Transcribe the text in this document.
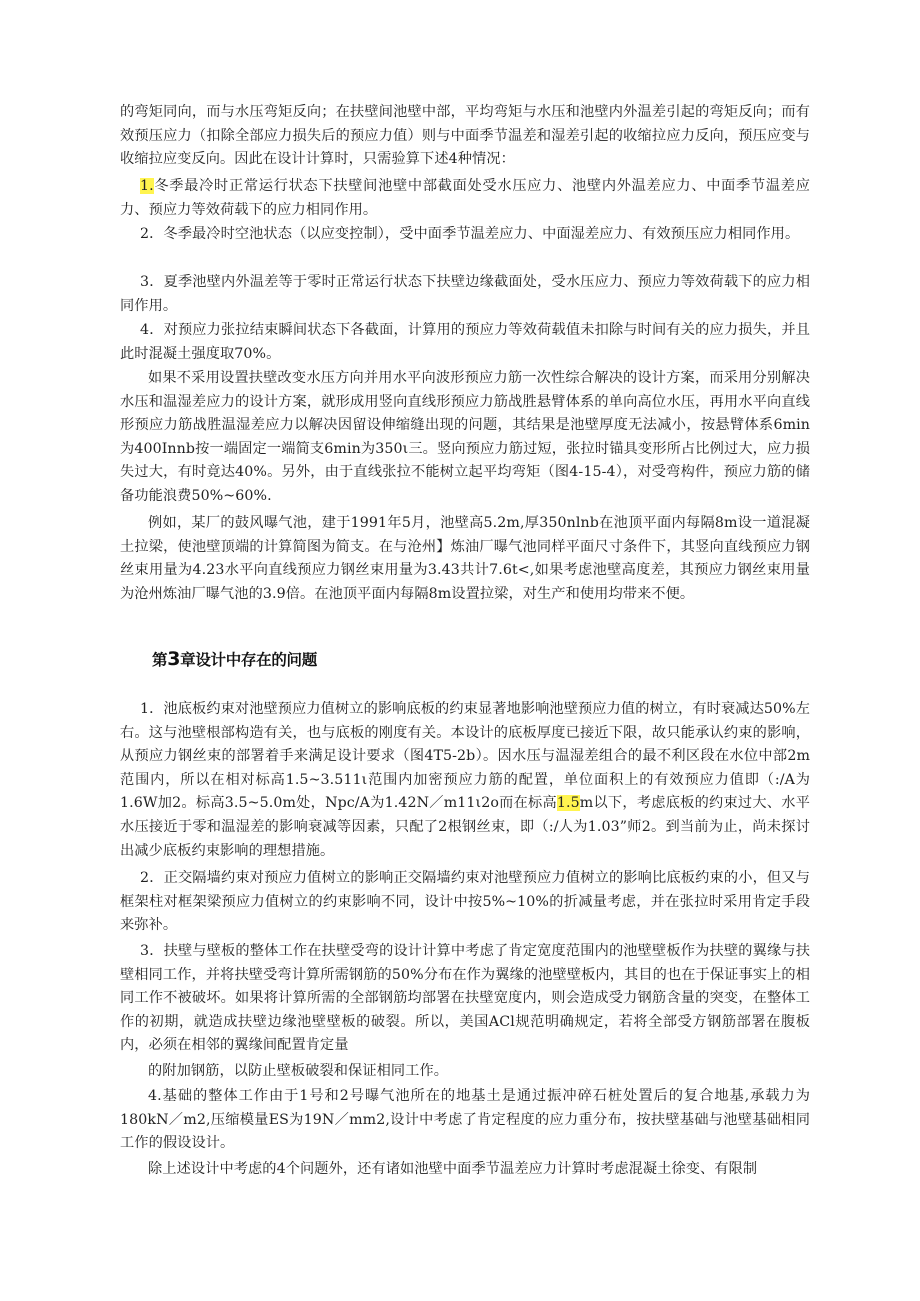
的弯矩同向，而与水压弯矩反向；在扶壁间池壁中部，平均弯矩与水压和池壁内外温差引起的弯矩反向；而有效预压应力（扣除全部应力损失后的预应力值）则与中面季节温差和湿差引起的收缩拉应力反向，预压应变与收缩拉应变反向。因此在设计计算时，只需验算下述4种情况：

1.冬季最冷时正常运行状态下扶壁间池壁中部截面处受水压应力、池壁内外温差应力、中面季节温差应力、预应力等效荷载下的应力相同作用。

2．冬季最冷时空池状态（以应变控制），受中面季节温差应力、中面湿差应力、有效预压应力相同作用。

3．夏季池壁内外温差等于零时正常运行状态下扶壁边缘截面处，受水压应力、预应力等效荷载下的应力相同作用。

4．对预应力张拉结束瞬间状态下各截面，计算用的预应力等效荷载值未扣除与时间有关的应力损失，并且此时混凝土强度取70%。

如果不采用设置扶壁改变水压方向并用水平向波形预应力筋一次性综合解决的设计方案，而采用分别解决水压和温湿差应力的设计方案，就形成用竖向直线形预应力筋战胜悬臂体系的单向高位水压，再用水平向直线形预应力筋战胜温湿差应力以解决因留设伸缩缝出现的问题，其结果是池壁厚度无法减小，按悬臂体系6min为400Innb按一端固定一端简支6min为350ι三。竖向预应力筋过短，张拉时锚具变形所占比例过大，应力损失过大，有时竟达40%。另外，由于直线张拉不能树立起平均弯矩（图4-15-4），对受弯构件，预应力筋的储备功能浪费50%~60%.

例如，某厂的鼓风曝气池，建于1991年5月，池壁高5.2m,厚350nlnb在池顶平面内每隔8m设一道混凝土拉梁，使池壁顶端的计算简图为简支。在与沧州】炼油厂曝气池同样平面尺寸条件下，其竖向直线预应力钢丝束用量为4.23水平向直线预应力钢丝束用量为3.43共计7.6t<,如果考虑池壁高度差，其预应力钢丝束用量为沧州炼油厂曝气池的3.9倍。在池顶平面内每隔8m设置拉梁，对生产和使用均带来不便。

第3章设计中存在的问题

1．池底板约束对池壁预应力值树立的影响底板的约束显著地影响池壁预应力值的树立，有时衰减达50%左右。这与池壁根部构造有关，也与底板的刚度有关。本设计的底板厚度已接近下限，故只能承认约束的影响，从预应力钢丝束的部署着手来满足设计要求（图4T5-2b）。因水压与温湿差组合的最不利区段在水位中部2m范围内，所以在相对标高1.5~3.511ι范围内加密预应力筋的配置，单位面积上的有效预应力值即（:/A为1.6W加2。标高3.5~5.0m处，Npc/A为1.42N／m11ι2o而在标高1.5m以下，考虑底板的约束过大、水平水压接近于零和温湿差的影响衰减等因素，只配了2根钢丝束，即（:/人为1.03”师2。到当前为止，尚未探讨出减少底板约束影响的理想措施。

2．正交隔墙约束对预应力值树立的影响正交隔墙约束对池壁预应力值树立的影响比底板约束的小，但又与框架柱对框架梁预应力值树立的约束影响不同，设计中按5%~10%的折减量考虑，并在张拉时采用肯定手段来弥补。

3．扶壁与壁板的整体工作在扶壁受弯的设计计算中考虑了肯定宽度范围内的池壁壁板作为扶壁的翼缘与扶壁相同工作，并将扶壁受弯计算所需钢筋的50%分布在作为翼缘的池壁壁板内，其目的也在于保证事实上的相同工作不被破坏。如果将计算所需的全部钢筋均部署在扶壁宽度内，则会造成受力钢筋含量的突变，在整体工作的初期，就造成扶壁边缘池壁壁板的破裂。所以，美国ACl规范明确规定，若将全部受方钢筋部署在腹板内，必须在相邻的翼缘间配置肯定量

的附加钢筋，以防止壁板破裂和保证相同工作。

4.基础的整体工作由于1号和2号曝气池所在的地基土是通过振冲碎石桩处置后的复合地基,承载力为180kN／m2,压缩模量ES为19N／mm2,设计中考虑了肯定程度的应力重分布，按扶壁基础与池壁基础相同工作的假设设计。

除上述设计中考虑的4个问题外，还有诸如池壁中面季节温差应力计算时考虑混凝土徐变、有限制
